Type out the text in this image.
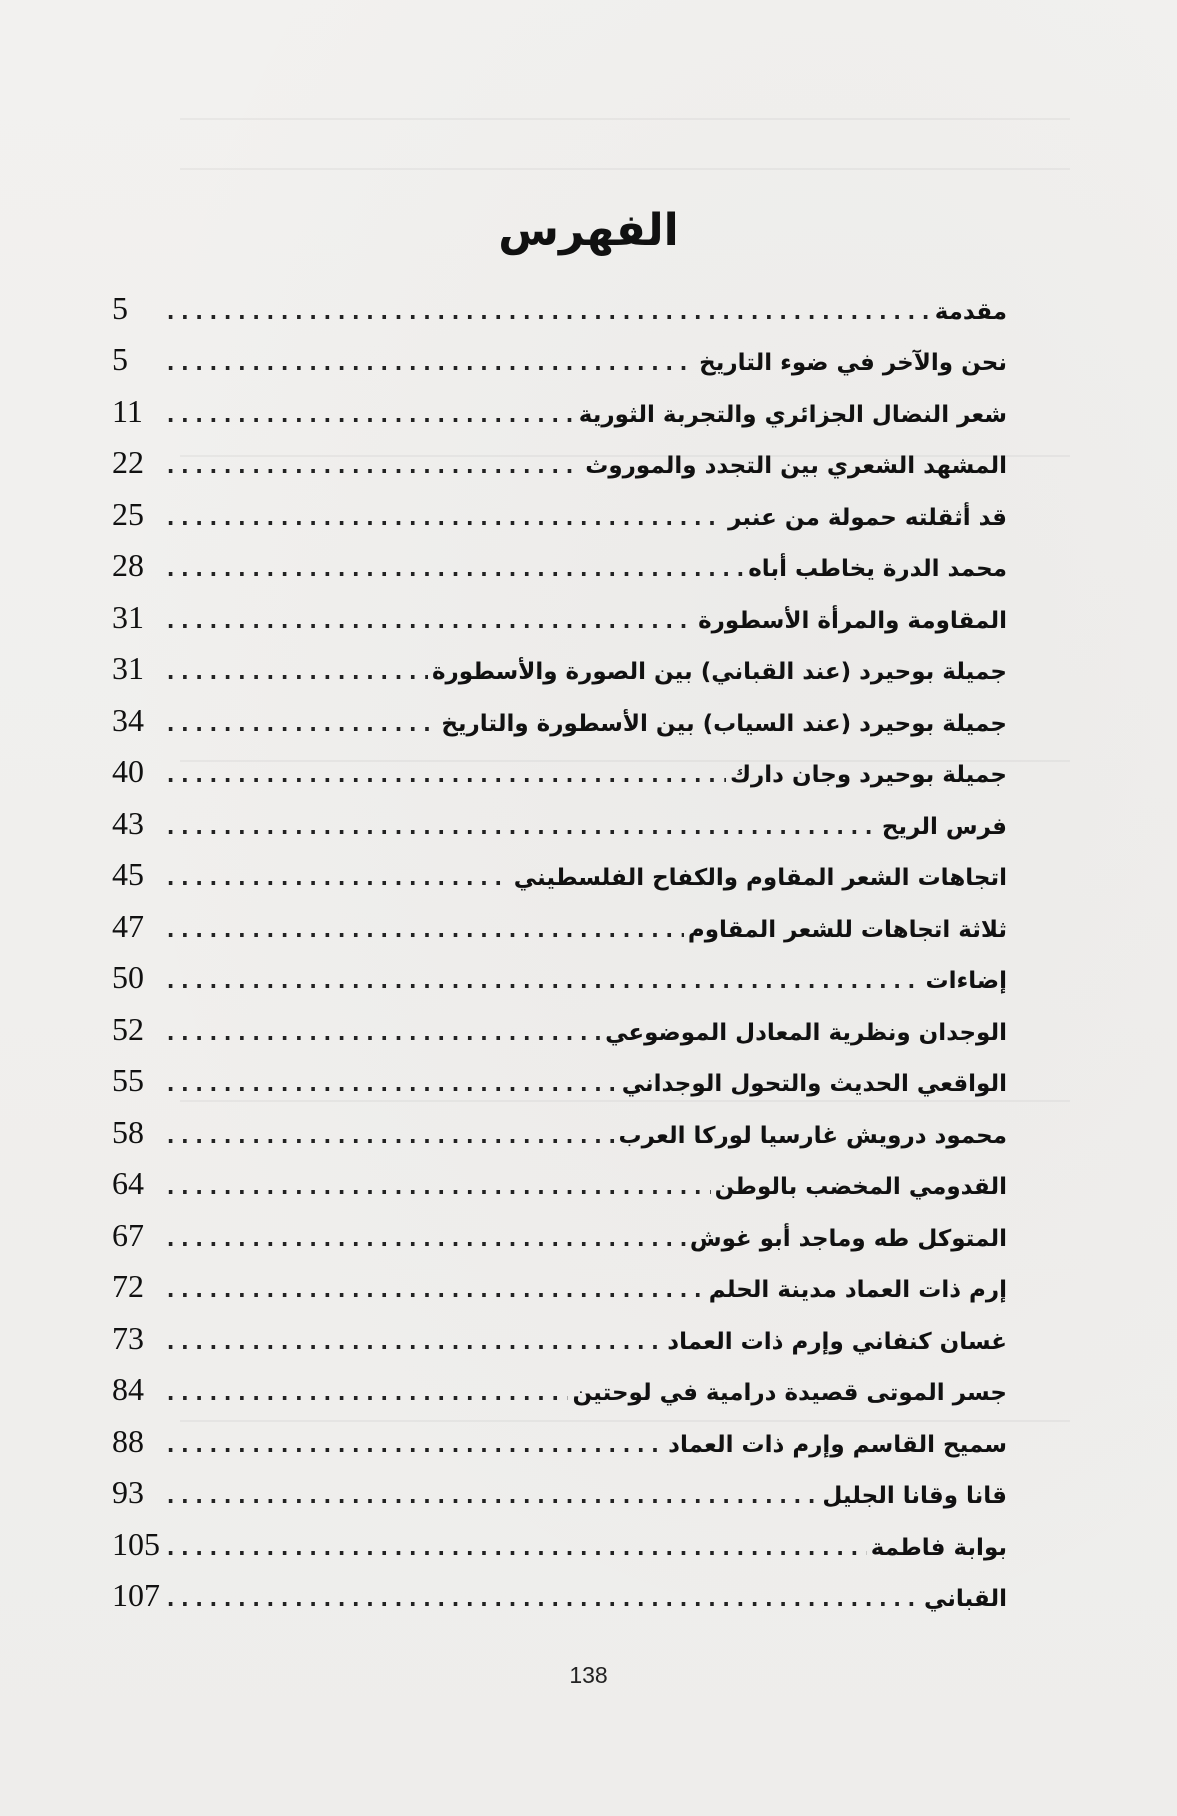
الفهرس
مقدمة
.....
5
نحن والآخر في ضوء التاريخ
.....
5
شعر النضال الجزائري والتجربة الثورية
.....
11
المشهد الشعري بين التجدد والموروث
.....
22
قد أثقلته حمولة من عنبر
.....
25
محمد الدرة يخاطب أباه
.....
28
المقاومة والمرأة الأسطورة
.....
31
جميلة بوحيرد (عند القباني) بين الصورة والأسطورة
.....
31
جميلة بوحيرد (عند السياب) بين الأسطورة والتاريخ
.....
34
جميلة بوحيرد وجان دارك
.....
40
فرس الريح
.....
43
اتجاهات الشعر المقاوم والكفاح الفلسطيني
.....
45
ثلاثة اتجاهات للشعر المقاوم
.....
47
إضاءات
.....
50
الوجدان ونظرية المعادل الموضوعي
.....
52
الواقعي الحديث والتحول الوجداني
.....
55
محمود درويش غارسيا لوركا العرب
.....
58
القدومي المخضب بالوطن
.....
64
المتوكل طه وماجد أبو غوش
.....
67
إرم ذات العماد مدينة الحلم
.....
72
غسان كنفاني وإرم ذات العماد
.....
73
جسر الموتى قصيدة درامية في لوحتين
.....
84
سميح القاسم وإرم ذات العماد
.....
88
قانا وقانا الجليل
.....
93
بوابة فاطمة
.....
105
القباني
.....
107
138
